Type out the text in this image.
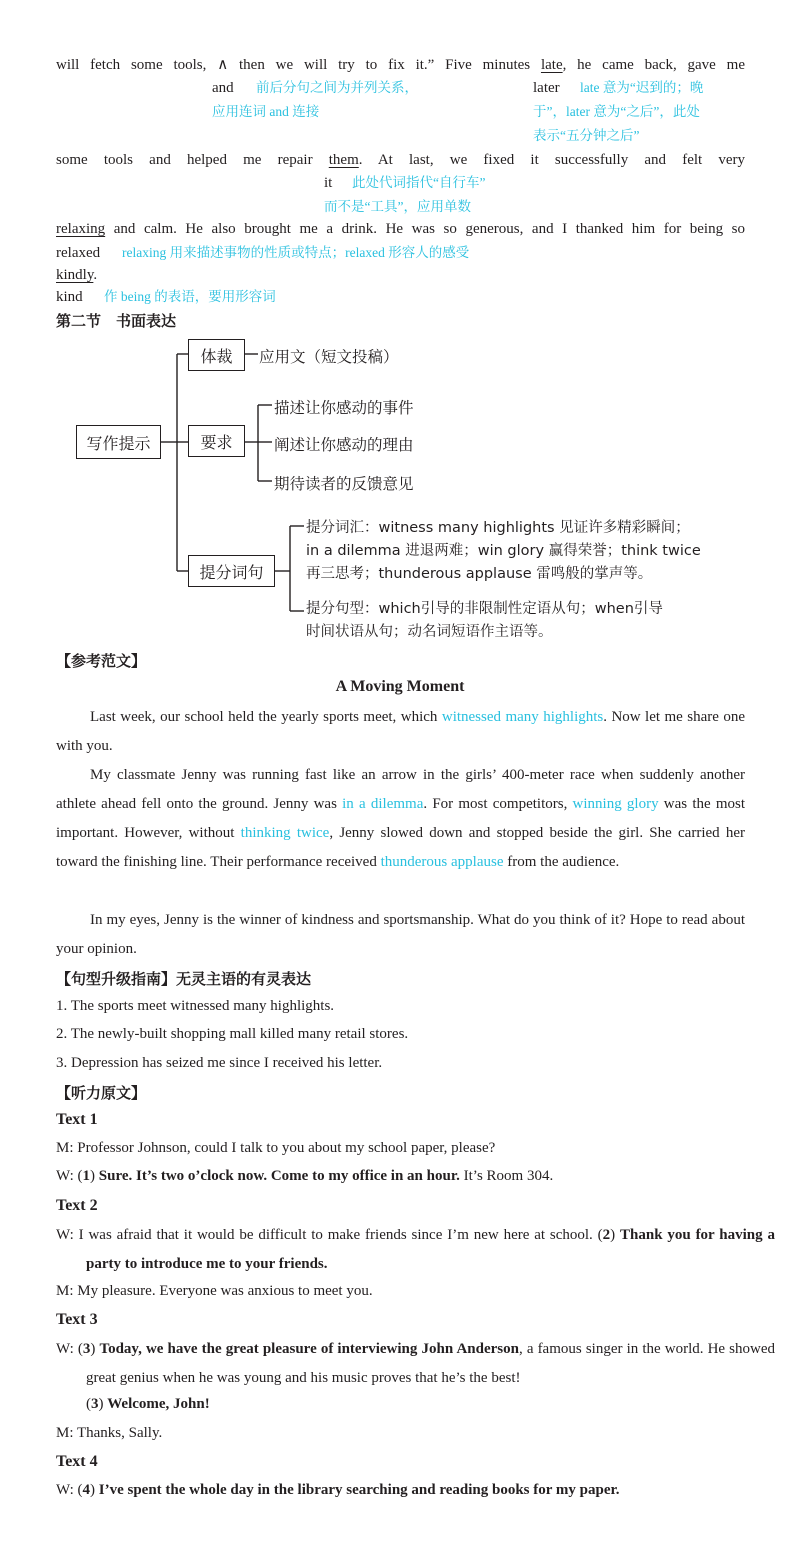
will fetch some tools, ∧ then we will try to fix it.” Five minutes late, he came back, gave me
and 前后分句之间为并列关系，
应用连词 and 连接
later late 意为“迟到的；晚
于”，later 意为“之后”，此处
表示“五分钟之后”
some tools and helped me repair them. At last, we fixed it successfully and felt very
it 此处代词指代“自行车”
而不是“工具”，应用单数
relaxing and calm. He also brought me a drink. He was so generous, and I thanked him for being so
relaxed relaxing 用来描述事物的性质或特点；relaxed 形容人的感受
kindly.
kind 作 being 的表语，要用形容词
第二节　书面表达
写作提示
体裁
要求
提分词句
应用文（短文投稿）
描述让你感动的事件
阐述让你感动的理由
期待读者的反馈意见
提分词汇：witness many highlights 见证许多精彩瞬间；
in a dilemma 进退两难；win glory 赢得荣誉；think twice
再三思考；thunderous applause 雷鸣般的掌声等。
提分句型：which引导的非限制性定语从句；when引导
时间状语从句；动名词短语作主语等。
【参考范文】
A Moving Moment
Last week, our school held the yearly sports meet, which witnessed many highlights. Now let me share one with you.
My classmate Jenny was running fast like an arrow in the girls’ 400-meter race when suddenly another athlete ahead fell onto the ground. Jenny was in a dilemma. For most competitors, winning glory was the most important. However, without thinking twice, Jenny slowed down and stopped beside the girl. She carried her toward the finishing line. Their performance received thunderous applause from the audience.
In my eyes, Jenny is the winner of kindness and sportsmanship. What do you think of it? Hope to read about your opinion.
【句型升级指南】无灵主语的有灵表达
1. The sports meet witnessed many highlights.
2. The newly-built shopping mall killed many retail stores.
3. Depression has seized me since I received his letter.
【听力原文】
Text 1
M: Professor Johnson, could I talk to you about my school paper, please?
W: (1) Sure. It’s two o’clock now. Come to my office in an hour. It’s Room 304.
Text 2
W: I was afraid that it would be difficult to make friends since I’m new here at school. (2) Thank you for having a party to introduce me to your friends.
M: My pleasure. Everyone was anxious to meet you.
Text 3
W: (3) Today, we have the great pleasure of interviewing John Anderson, a famous singer in the world. He showed great genius when he was young and his music proves that he’s the best!
(3) Welcome, John!
M: Thanks, Sally.
Text 4
W: (4) I’ve spent the whole day in the library searching and reading books for my paper.
